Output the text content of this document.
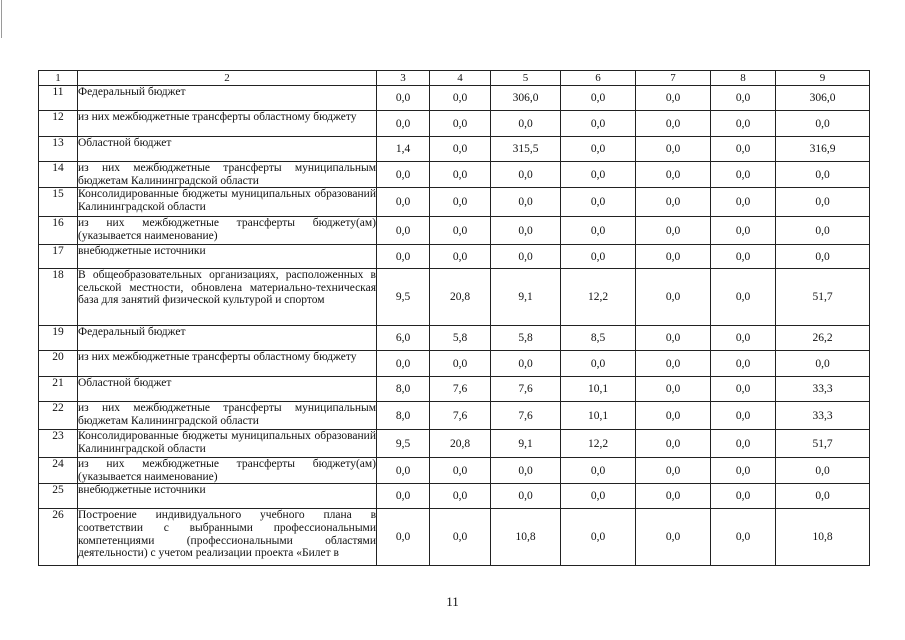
1	2	3	4	5	6	7	8	9
11	Федеральный бюджет	0,0	0,0	306,0	0,0	0,0	0,0	306,0
12	из них межбюджетные трансферты областному бюджету	0,0	0,0	0,0	0,0	0,0	0,0	0,0
13	Областной бюджет	1,4	0,0	315,5	0,0	0,0	0,0	316,9
14	из них межбюджетные трансферты муниципальным бюджетам Калининградской области	0,0	0,0	0,0	0,0	0,0	0,0	0,0
15	Консолидированные бюджеты муниципальных образований Калининградской области	0,0	0,0	0,0	0,0	0,0	0,0	0,0
16	из них межбюджетные трансферты бюджету(ам) (указывается наименование)	0,0	0,0	0,0	0,0	0,0	0,0	0,0
17	внебюджетные источники	0,0	0,0	0,0	0,0	0,0	0,0	0,0
18	В общеобразовательных организациях, расположенных в сельской местности, обновлена материально-техническая база для занятий физической культурой и спортом	9,5	20,8	9,1	12,2	0,0	0,0	51,7
19	Федеральный бюджет	6,0	5,8	5,8	8,5	0,0	0,0	26,2
20	из них межбюджетные трансферты областному бюджету	0,0	0,0	0,0	0,0	0,0	0,0	0,0
21	Областной бюджет	8,0	7,6	7,6	10,1	0,0	0,0	33,3
22	из них межбюджетные трансферты муниципальным бюджетам Калининградской области	8,0	7,6	7,6	10,1	0,0	0,0	33,3
23	Консолидированные бюджеты муниципальных образований Калининградской области	9,5	20,8	9,1	12,2	0,0	0,0	51,7
24	из них межбюджетные трансферты бюджету(ам) (указывается наименование)	0,0	0,0	0,0	0,0	0,0	0,0	0,0
25	внебюджетные источники	0,0	0,0	0,0	0,0	0,0	0,0	0,0
26	Построение индивидуального учебного плана в соответствии с выбранными профессиональными компетенциями (профессиональными областями деятельности) с учетом реализации проекта «Билет в	0,0	0,0	10,8	0,0	0,0	0,0	10,8
11
